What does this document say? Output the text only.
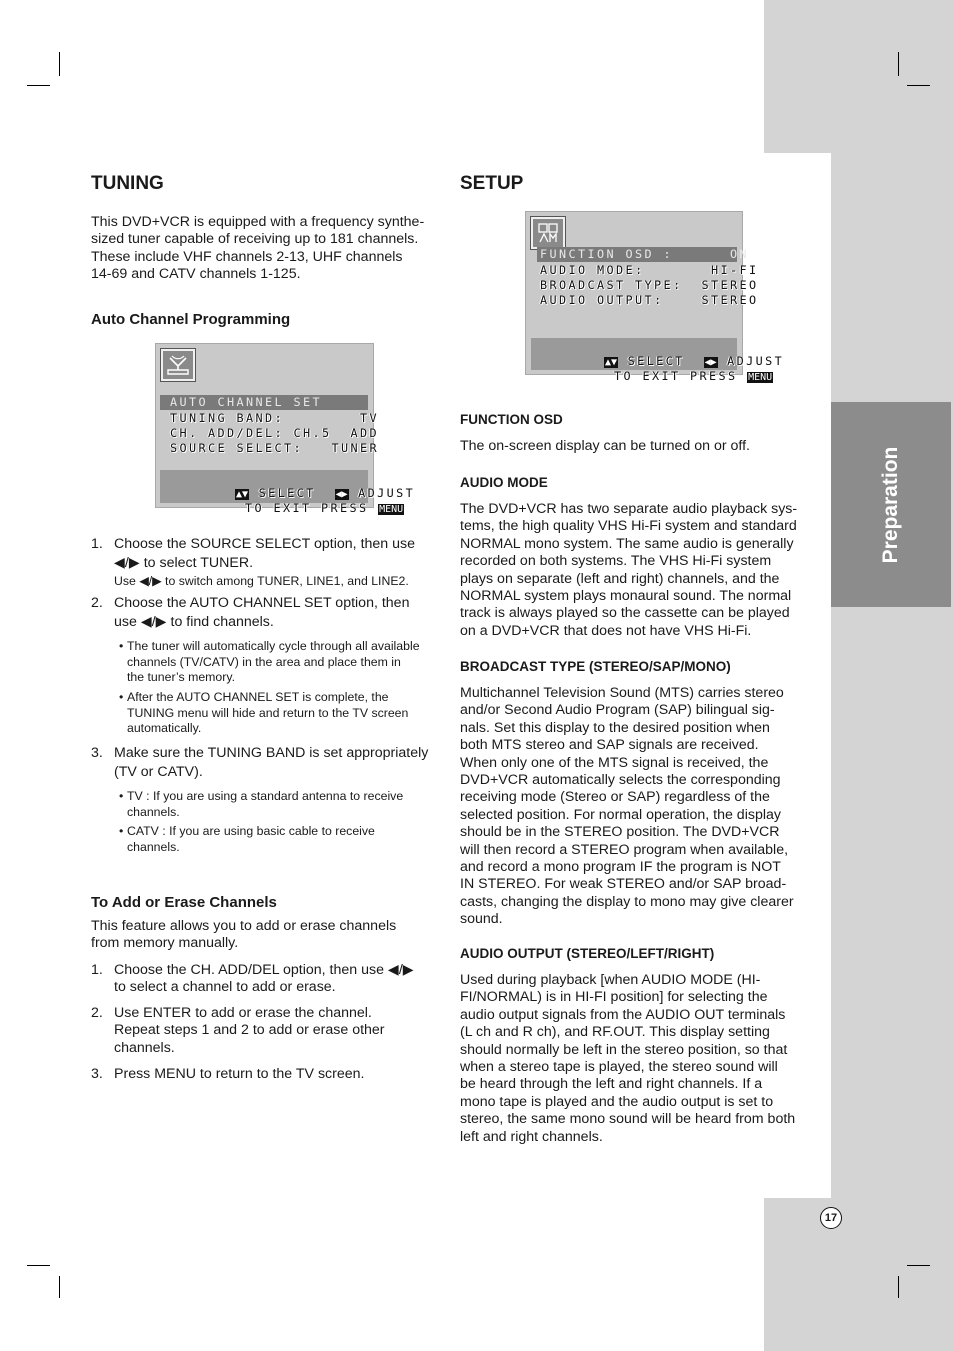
Preparation
TUNING

This DVD+VCR is equipped with a frequency synthe-
sized tuner capable of receiving up to 181 channels.
These include VHF channels 2-13, UHF channels
14-69 and CATV channels 1-125.

Auto Channel Programming
AUTO CHANNEL SET
TUNING BAND:        TV
CH. ADD/DEL: CH.5  ADD
SOURCE SELECT:   TUNER

▲▼ SELECT ◀▶ ADJUST

TO EXIT PRESS MENU

1. Choose the SOURCE SELECT option, then use
◀/▶ to select TUNER.
Use ◀/▶ to switch among TUNER, LINE1, and LINE2.
2. Choose the AUTO CHANNEL SET option, then
use ◀/▶ to find channels.
• The tuner will automatically cycle through all available
channels (TV/CATV) in the area and place them in
the tuner’s memory.
• After the AUTO CHANNEL SET is complete, the
TUNING menu will hide and return to the TV screen
automatically.
3. Make sure the TUNING BAND is set appropriately
(TV or CATV).
• TV : If you are using a standard antenna to receive
channels.
• CATV : If you are using basic cable to receive
channels.
To Add or Erase Channels

This feature allows you to add or erase channels
from memory manually.

1. Choose the CH. ADD/DEL option, then use ◀/▶
to select a channel to add or erase.
2. Use ENTER to add or erase the channel.
Repeat steps 1 and 2 to add or erase other
channels.
3. Press MENU to return to the TV screen.
SETUP
FUNCTION OSD :      ON
AUDIO MODE:       HI-FI
BROADCAST TYPE:  STEREO
AUDIO OUTPUT:    STEREO

▲▼ SELECT ◀▶ ADJUST

TO EXIT PRESS MENU

FUNCTION OSD

The on-screen display can be turned on or off.

AUDIO MODE

The DVD+VCR has two separate audio playback sys-
tems, the high quality VHS Hi-Fi system and standard
NORMAL mono system. The same audio is generally
recorded on both systems. The VHS Hi-Fi system
plays on separate (left and right) channels, and the
NORMAL system plays monaural sound. The normal
track is always played so the cassette can be played
on a DVD+VCR that does not have VHS Hi-Fi.

BROADCAST TYPE (STEREO/SAP/MONO)

Multichannel Television Sound (MTS) carries stereo
and/or Second Audio Program (SAP) bilingual sig-
nals. Set this display to the desired position when
both MTS stereo and SAP signals are received.
When only one of the MTS signal is received, the
DVD+VCR automatically selects the corresponding
receiving mode (Stereo or SAP) regardless of the
selected position. For normal operation, the display
should be in the STEREO position. The DVD+VCR
will then record a STEREO program when available,
and record a mono program IF the program is NOT
IN STEREO. For weak STEREO and/or SAP broad-
casts, changing the display to mono may give clearer
sound.

AUDIO OUTPUT (STEREO/LEFT/RIGHT)

Used during playback [when AUDIO MODE (HI-
FI/NORMAL) is in HI-FI position] for selecting the
audio output signals from the AUDIO OUT terminals
(L ch and R ch), and RF.OUT. This display setting
should normally be left in the stereo position, so that
when a stereo tape is played, the stereo sound will
be heard through the left and right channels. If a
mono tape is played and the audio output is set to
stereo, the same mono sound will be heard from both
left and right channels.

17
